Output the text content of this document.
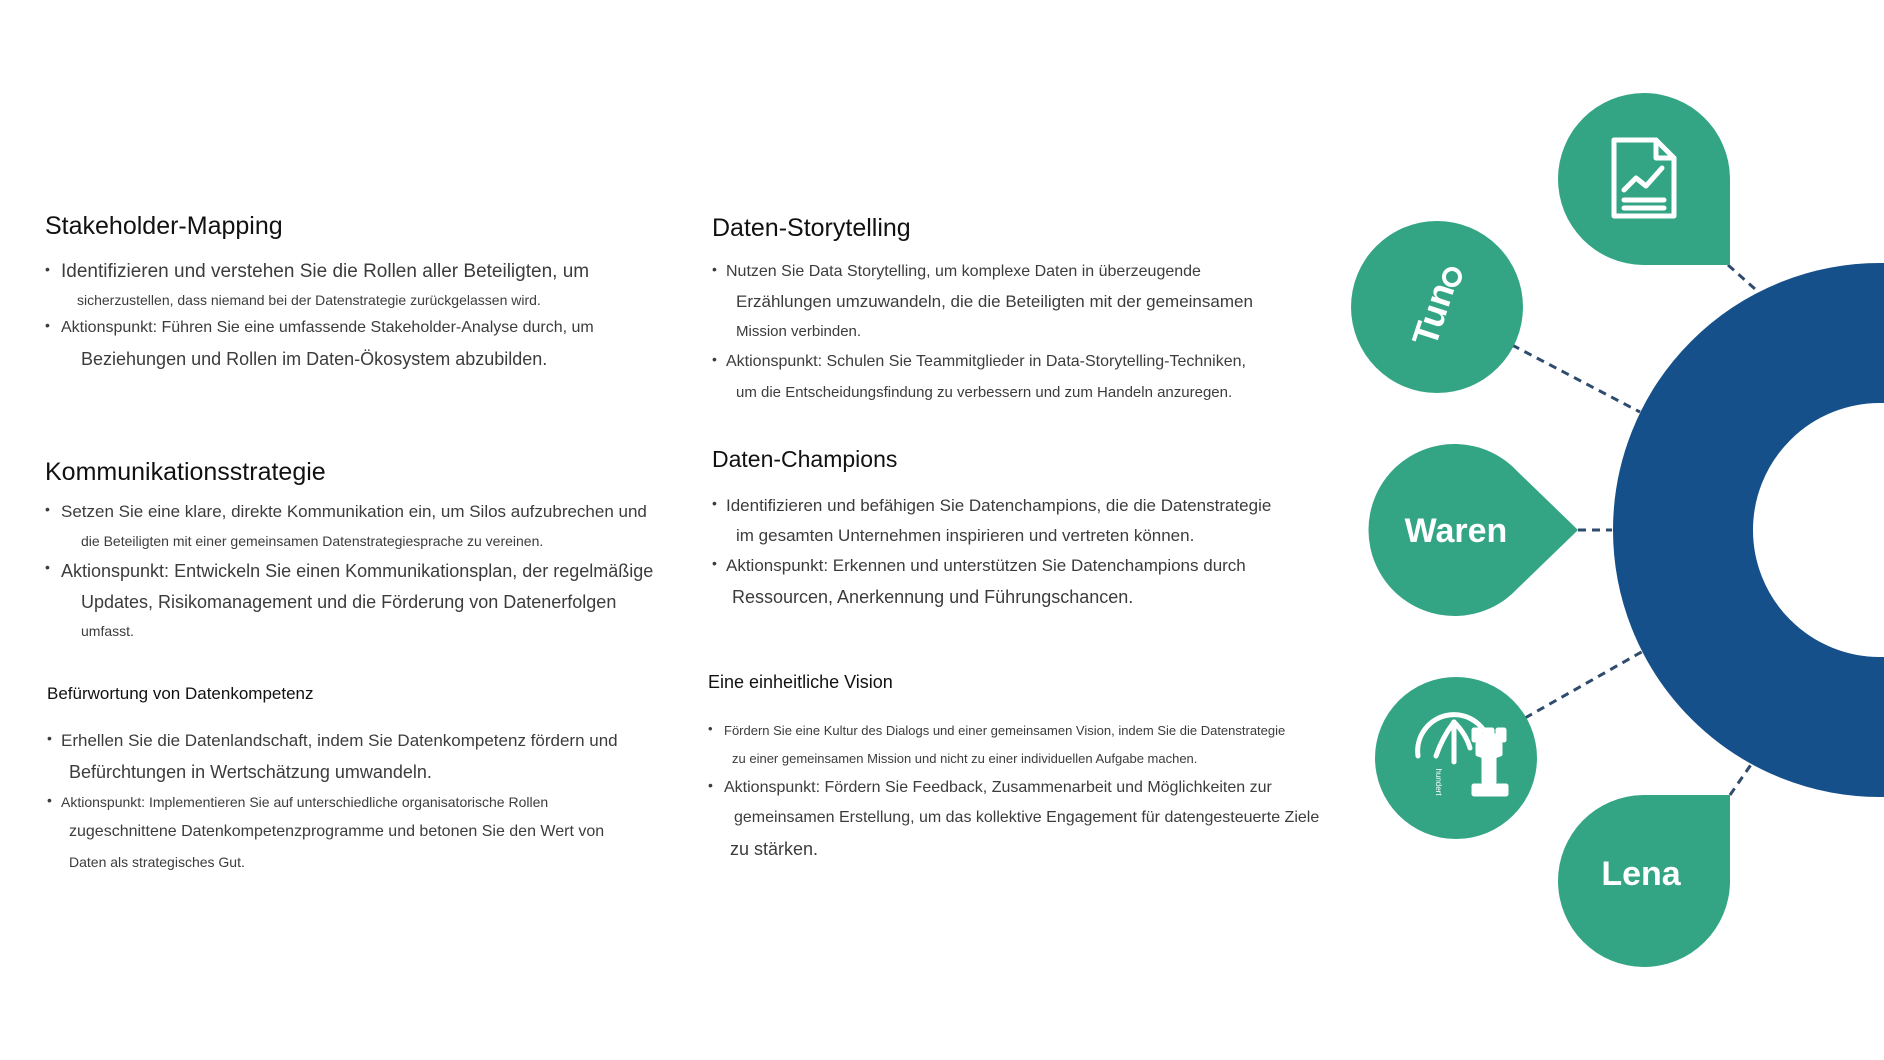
Stakeholder-Mapping
• Identifizieren und verstehen Sie die Rollen aller Beteiligten, um
sicherzustellen, dass niemand bei der Datenstrategie zurückgelassen wird.
• Aktionspunkt: Führen Sie eine umfassende Stakeholder-Analyse durch, um
Beziehungen und Rollen im Daten-Ökosystem abzubilden.
Kommunikationsstrategie
• Setzen Sie eine klare, direkte Kommunikation ein, um Silos aufzubrechen und
die Beteiligten mit einer gemeinsamen Datenstrategiesprache zu vereinen.
• Aktionspunkt: Entwickeln Sie einen Kommunikationsplan, der regelmäßige
Updates, Risikomanagement und die Förderung von Datenerfolgen
umfasst.
Befürwortung von Datenkompetenz
• Erhellen Sie die Datenlandschaft, indem Sie Datenkompetenz fördern und
Befürchtungen in Wertschätzung umwandeln.
• Aktionspunkt: Implementieren Sie auf unterschiedliche organisatorische Rollen
zugeschnittene Datenkompetenzprogramme und betonen Sie den Wert von
Daten als strategisches Gut.
Daten-Storytelling
• Nutzen Sie Data Storytelling, um komplexe Daten in überzeugende
Erzählungen umzuwandeln, die die Beteiligten mit der gemeinsamen
Mission verbinden.
• Aktionspunkt: Schulen Sie Teammitglieder in Data-Storytelling-Techniken,
um die Entscheidungsfindung zu verbessern und zum Handeln anzuregen.
Daten-Champions
• Identifizieren und befähigen Sie Datenchampions, die die Datenstrategie
im gesamten Unternehmen inspirieren und vertreten können.
• Aktionspunkt: Erkennen und unterstützen Sie Datenchampions durch
Ressourcen, Anerkennung und Führungschancen.
Eine einheitliche Vision
• Fördern Sie eine Kultur des Dialogs und einer gemeinsamen Vision, indem Sie die Datenstrategie
zu einer gemeinsamen Mission und nicht zu einer individuellen Aufgabe machen.
• Aktionspunkt: Fördern Sie Feedback, Zusammenarbeit und Möglichkeiten zur
gemeinsamen Erstellung, um das kollektive Engagement für datengesteuerte Ziele
zu stärken.
Tun
Waren
hundert
Lena
